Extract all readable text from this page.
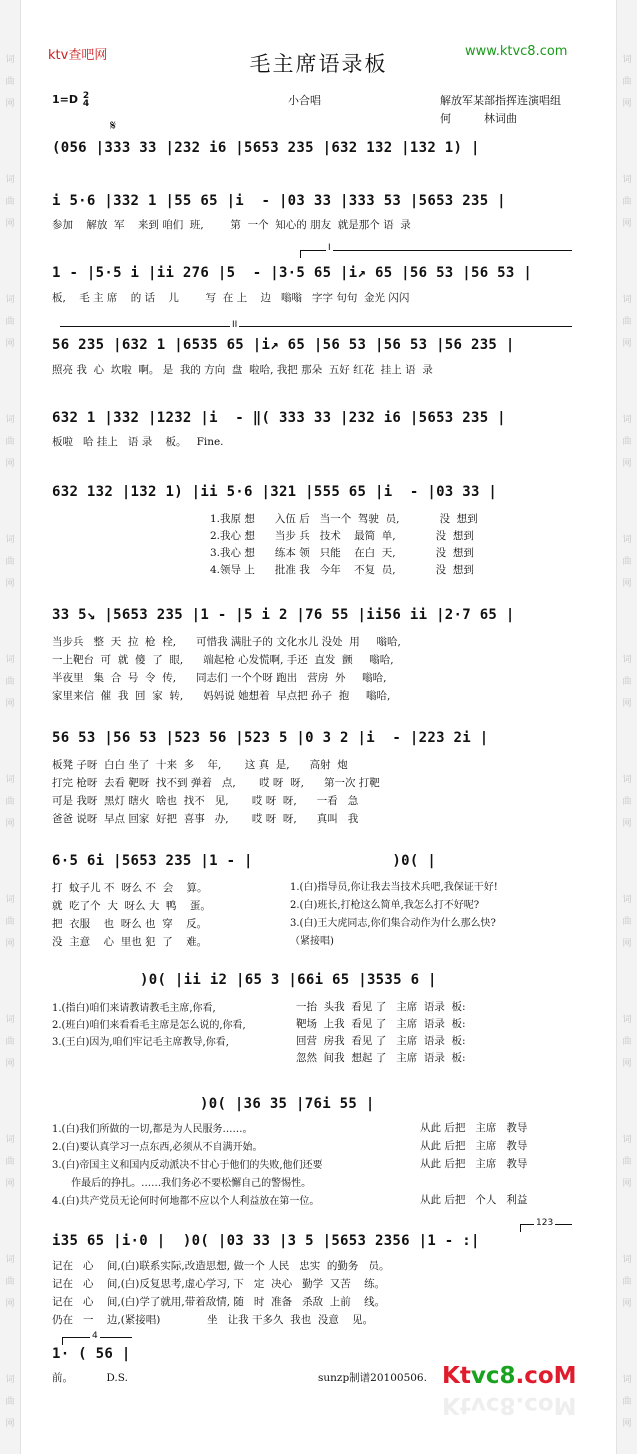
词

曲

网
词

曲

网
词

曲

网
词

曲

网
词

曲

网
词

曲

网
词

曲

网
词

曲

网
词

曲

网
词

曲

网
词

曲

网
词

曲

网
词

曲

网
词

曲

网
词

曲

网
词

曲

网
词

曲

网
词

曲

网
词

曲

网
词

曲

网
词

曲

网
词

曲

网
词

曲

网
词

曲

网
ktv查吧网	www.ktvc8.com
毛主席语录板
1=D 2
4	小合唱	解放军某部指挥连演唱组
何　　　林词曲
𝄋
(056 |333 33 |232 i6 |5653 235 |632 132 |132 1) |
i 5·6 |332 1 |55 65 |i  - |03 33 |333 53 |5653 235 |
参加    解放  军    来到 咱们  班,        第  一个  知心的 朋友  就是那个 语  录
I
1 - |5·5 i |ii 276 |5  - |3·5 65 |i↗ 65 |56 53 |56 53 |
板,    毛 主 席    的 话    儿        写  在 上    边   嗡嗡   字字 句句  金光 闪闪
II
56 235 |632 1 |6535 65 |i↗ 65 |56 53 |56 53 |56 235 |
照亮 我  心  坎啦  啊。 是  我的 方向  盘  啦哈, 我把 那朵  五好 红花  挂上 语  录
632 1 |332 |1232 |i  - ‖( 333 33 |232 i6 |5653 235 |
板啦   哈 挂上   语 录    板。   Fine.
632 132 |132 1) |ii 5·6 |321 |555 65 |i  - |03 33 |
1.我原 想      入伍 后   当一个  驾驶  员,            没  想到
2.我心 想      当步 兵   技术    最简  单,            没  想到
3.我心 想      练本 领   只能    在白  天,            没  想到
4.领导 上      批准 我   今年    不复  员,            没  想到
33 5↘ |5653 235 |1 - |5 i 2 |76 55 |ii56 ii |2·7 65 |
当步兵   整  天  拉  枪  栓,      可惜我 满肚子的 文化水儿 没处  用     嗡哈,
一上靶台  可  就  傻  了  眼,      端起枪 心发慌啊, 手还  直发  颤     嗡哈,
半夜里   集  合  号  令  传,      同志们 一个个呀 跑出   营房  外     嗡哈,
家里来信  催  我  回  家  转,      妈妈说 她想着  早点把 孙子  抱     嗡哈,
56 53 |56 53 |523 56 |523 5 |0 3 2 |i  - |223 2i |
板凳 子呀  白白 坐了  十来  多    年,       这 真  是,      高射  炮
打完 枪呀  去看 靶呀  找不到 弹着   点,       哎 呀  呀,      第一次 打靶
可是 我呀  黑灯 瞎火  啥也  找不   见,       哎 呀  呀,      一看   急
爸爸 说呀  早点 回家  好把  喜事   办,       哎 呀  呀,      真叫   我
6·5 6i |5653 235 |1 - |                )0( |
打  蚊子儿 不  呀么 不  会    算。
就  吃了个  大  呀么 大  鸭    蛋。
把  衣服    也  呀么 也  穿    反。
没  主意    心  里也 犯  了    难。
1.(白)指导员,你让我去当技术兵吧,我保证干好!
2.(白)班长,打枪这么简单,我怎么打不好呢?
3.(白)王大虎同志,你们集合动作为什么那么快?
（紧接唱)
)0( |ii i2 |65 3 |66i 65 |3535 6 |
1.(指白)咱们来请教请教毛主席,你看,
2.(班白)咱们来看看毛主席是怎么说的,你看,
3.(王白)因为,咱们牢记毛主席教导,你看,
一抬  头我  看见 了   主席  语录  板:
靶场  上我  看见 了   主席  语录  板:
回营  房我  看见 了   主席  语录  板:
忽然  间我  想起 了   主席  语录  板:
)0( |36 35 |76i 55 |
1.(白)我们所做的一切,都是为人民服务……。
2.(白)要认真学习一点东西,必须从不自满开始。
3.(白)帝国主义和国内反动派决不甘心于他们的失败,他们还要
作最后的挣扎。……我们务必不要松懈自己的警惕性。
4.(白)共产党员无论何时何地都不应以个人利益放在第一位。
从此 后把   主席   教导
从此 后把   主席   教导
从此 后把   主席   教导
从此 后把   个人   利益
123
i35 65 |i·0 |  )0( |03 33 |3 5 |5653 2356 |1 - :|
记在   心    间,(白)联系实际,改造思想, 做一个 人民   忠实  的勤务   员。
记在   心    间,(白)反复思考,虚心学习, 下   定  决心   勤学  又苦    练。
记在   心    间,(白)学了就用,带着敌情, 随   时  准备   杀敌  上前    线。
仍在   一    边,(紧接唱)              坐   让我 干多久  我也  没意    见。
4
1· ( 56 |
前。          D.S.	sunzp制谱20100506. Ktvc8.coM
Ktvc8.coM
